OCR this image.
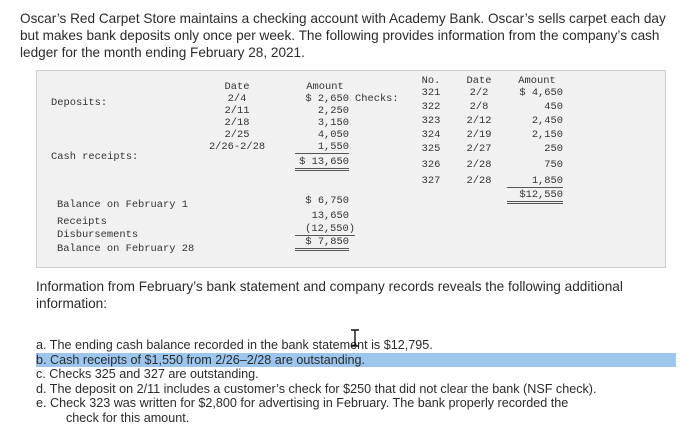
Oscar’s Red Carpet Store maintains a checking account with Academy Bank. Oscar’s sells carpet each day but makes bank deposits only once per week. The following provides information from the company’s cash ledger for the month ending February 28, 2021.
Deposits:
Cash receipts:
Date
2/4
2/11
2/18
2/25
2/26-2/28
Amount
$ 2,650
2,250
3,150
4,050
1,550
$ 13,650
Checks:
No.
321
322
323
324
325
326
327
Date
2/2
2/8
2/12
2/19
2/27
2/28
2/28
Amount
$ 4,650
450
2,450
2,150
250
750
1,850
$12,550
Balance on February 1
Receipts
Disbursements
Balance on February 28
$ 6,750
13,650
(12,550)
$ 7,850
Information from February’s bank statement and company records reveals the following additional information:
a. The ending cash balance recorded in the bank statement is $12,795.
b. Cash receipts of $1,550 from 2/26–2/28 are outstanding.
c. Checks 325 and 327 are outstanding.
d. The deposit on 2/11 includes a customer’s check for $250 that did not clear the bank (NSF check).
e. Check 323 was written for $2,800 for advertising in February. The bank properly recorded the
check for this amount.
